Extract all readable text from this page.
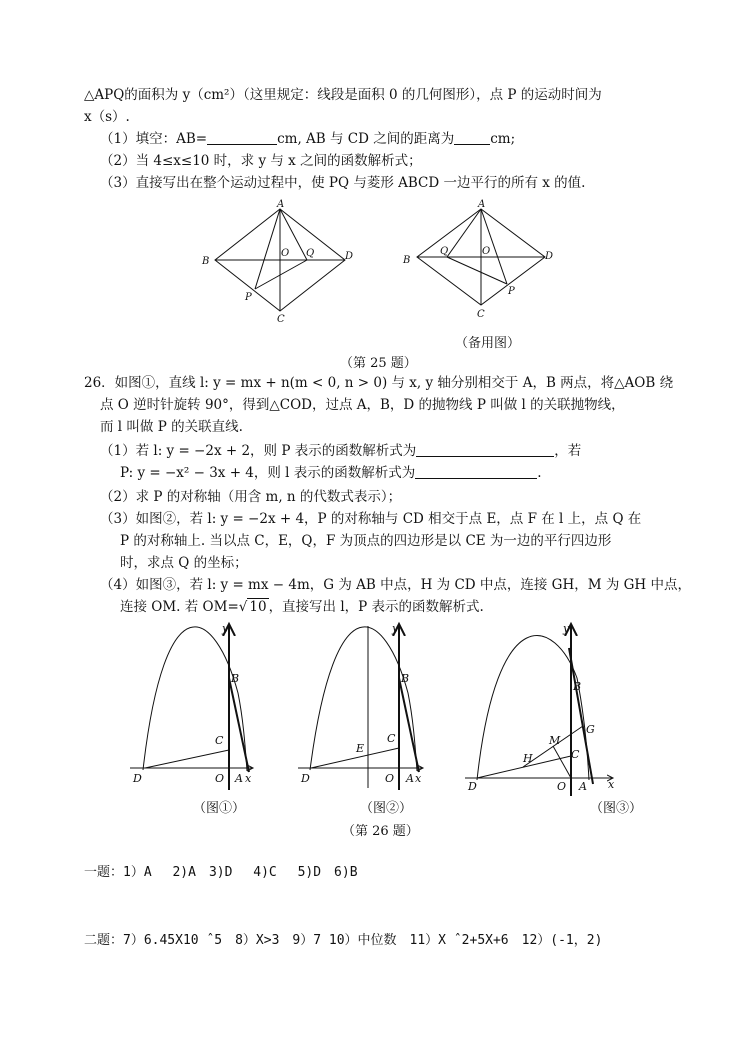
△APQ的面积为 y（cm²）（这里规定：线段是面积 0 的几何图形），点 P 的运动时间为
x（s）.
（1）填空：AB=	cm, AB 与 CD 之间的距离为	cm;
（2）当 4≤x≤10 时，求 y 与 x 之间的函数解析式；
（3）直接写出在整个运动过程中，使 PQ 与菱形 ABCD 一边平行的所有 x 的值.
A
B	D
C
O Q
P
A
B	D
C
O
Q
P
（备用图）
（第 25 题）
26．如图①，直线 l: y = mx + n(m < 0, n > 0) 与 x, y 轴分别相交于 A，B 两点，将△AOB 绕
点 O 逆时针旋转 90°，得到△COD，过点 A，B，D 的抛物线 P 叫做 l 的关联抛物线，
而 l 叫做 P 的关联直线.
（1）若 l: y = −2x + 2，则 P 表示的函数解析式为	，若
P: y = −x² − 3x + 4，则 l 表示的函数解析式为	.
（2）求 P 的对称轴（用含 m, n 的代数式表示）；
（3）如图②，若 l: y = −2x + 4，P 的对称轴与 CD 相交于点 E，点 F 在 l 上，点 Q 在
P 的对称轴上. 当以点 C，E，Q，F 为顶点的四边形是以 CE 为一边的平行四边形
时，求点 Q 的坐标；
（4）如图③，若 l: y = mx − 4m，G 为 AB 中点，H 为 CD 中点，连接 GH，M 为 GH 中点，
连接 OM. 若 OM=√ 10 ，直接写出 l，P 表示的函数解析式.
y
x
B
C
D	O A
y
x
B
C
E
D	O A
y
x
B
G
M
C
H
D	O A
（图①）	（图②）	（图③）
（第 26 题）
一题：1）A　 2)A　3)D　 4)C　 5)D　6)B
二题：7）6.45X10 ˆ5　8）X>3　9）7 10）中位数　11）X ˆ2+5X+6　12）(-1，2)
